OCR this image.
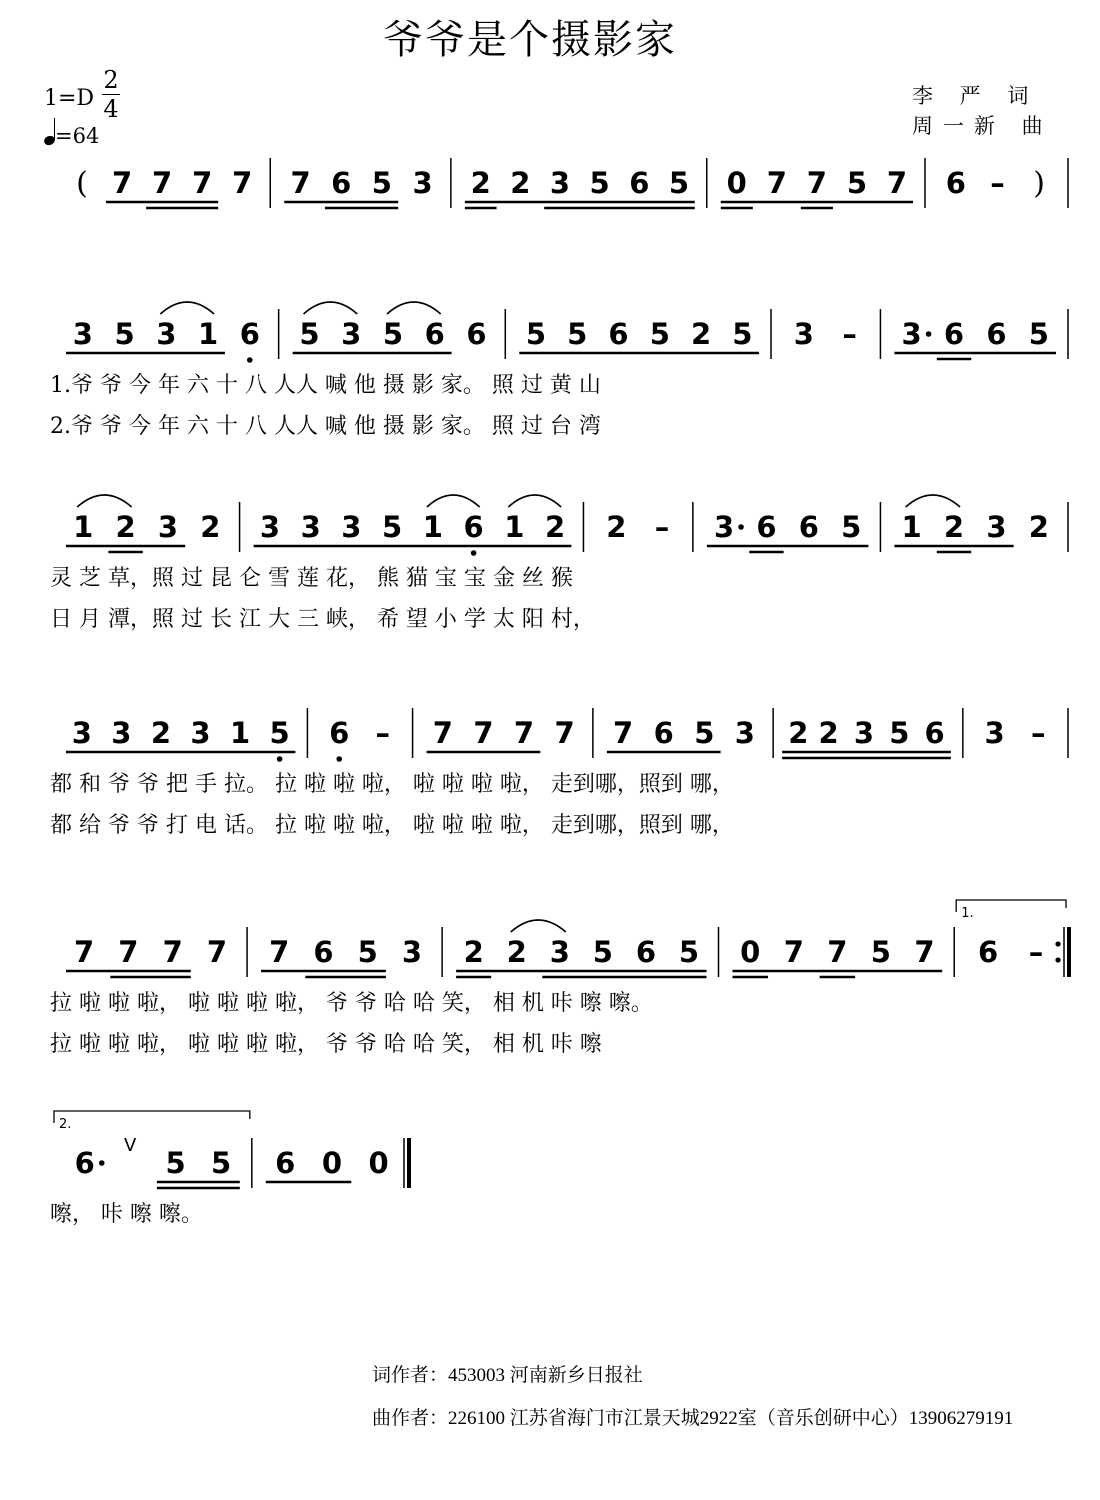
爷爷是个摄影家
李 严 词
周一新 曲
1=D
2
4
=64
( 7 7 7 7 7 6 5 3 2 2 3 5 6 5 0 7 7 5 7 6 – )
3 5 3 1 6 5 3 5 6 6 5 5 6 5 2 5 3 – 3 6 6 5
1.爷 爷 今 年 六 十 八 人人 喊 他 摄 影 家。 照 过 黄 山
2.爷 爷 今 年 六 十 八 人人 喊 他 摄 影 家。 照 过 台 湾
1 2 3 2 3 3 3 5 1 6 1 2 2 – 3 6 6 5 1 2 3 2
灵 芝 草，照 过 昆 仑 雪 莲 花， 熊 猫 宝 宝 金 丝 猴
日 月 潭，照 过 长 江 大 三 峡， 希 望 小 学 太 阳 村，
3 3 2 3 1 5 6 – 7 7 7 7 7 6 5 3 2 2 3 5 6 3 –
都 和 爷 爷 把 手 拉。 拉 啦 啦 啦， 啦 啦 啦 啦， 走到哪，照到 哪，
都 给 爷 爷 打 电 话。 拉 啦 啦 啦， 啦 啦 啦 啦， 走到哪，照到 哪，
7 7 7 7 7 6 5 3 2 2 3 5 6 5 0 7 7 5 7 6 –
1.
拉 啦 啦 啦， 啦 啦 啦 啦， 爷 爷 哈 哈 笑， 相 机 咔 嚓 嚓。
拉 啦 啦 啦， 啦 啦 啦 啦， 爷 爷 哈 哈 笑， 相 机 咔 嚓
6
V
5 5
2.
6 0 0
嚓， 咔 嚓 嚓。
词作者：453003 河南新乡日报社
曲作者：226100 江苏省海门市江景天城2922室（音乐创研中心）13906279191
